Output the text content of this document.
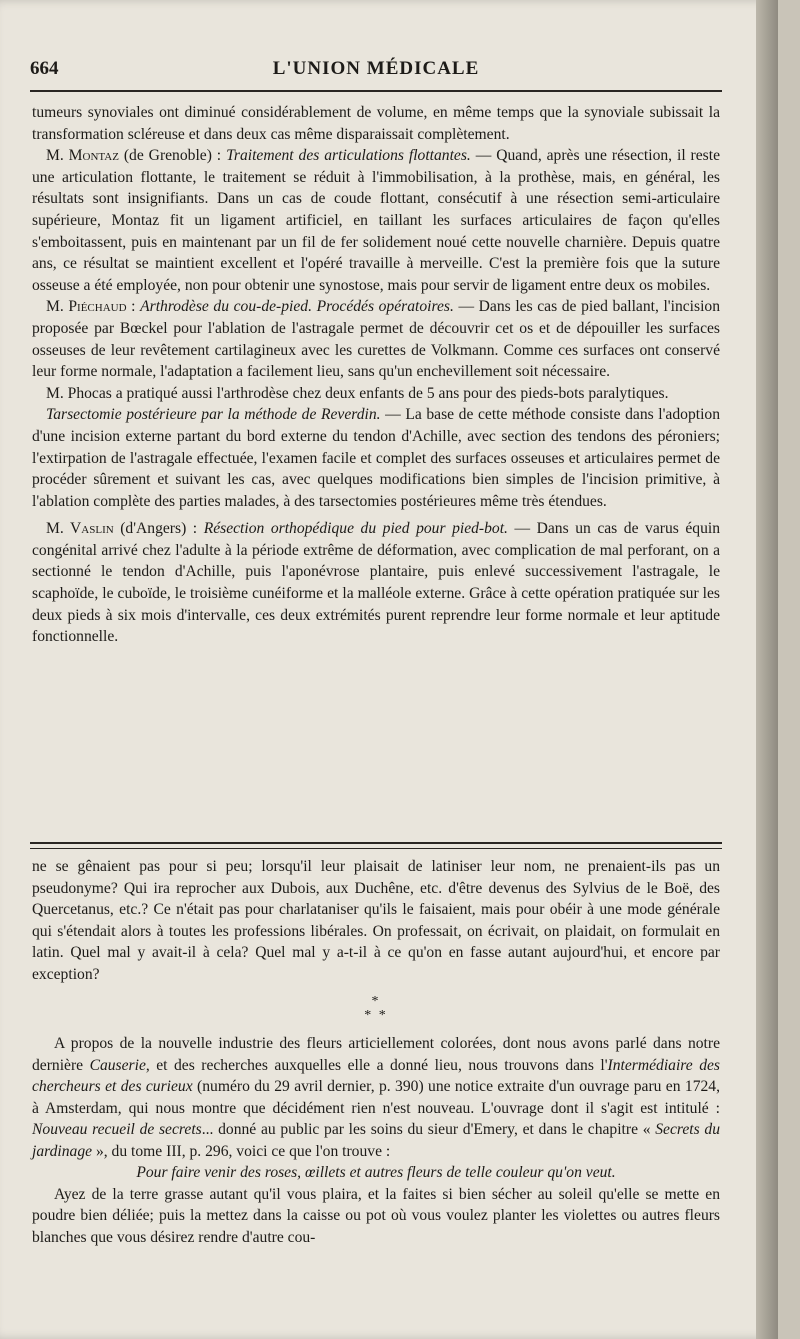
664	L'UNION MÉDICALE

tumeurs synoviales ont diminué considérablement de volume, en même temps que la synoviale subissait la transformation scléreuse et dans deux cas même disparaissait complètement.

M. Montaz (de Grenoble) : Traitement des articulations flottantes. — Quand, après une résection, il reste une articulation flottante, le traitement se réduit à l'immobilisation, à la prothèse, mais, en général, les résultats sont insignifiants. Dans un cas de coude flottant, consécutif à une résection semi-articulaire supérieure, Montaz fit un ligament artificiel, en taillant les surfaces articulaires de façon qu'elles s'emboitassent, puis en maintenant par un fil de fer solidement noué cette nouvelle charnière. Depuis quatre ans, ce résultat se maintient excellent et l'opéré travaille à merveille. C'est la première fois que la suture osseuse a été employée, non pour obtenir une synostose, mais pour servir de ligament entre deux os mobiles.

M. Piéchaud : Arthrodèse du cou-de-pied. Procédés opératoires. — Dans les cas de pied ballant, l'incision proposée par Bœckel pour l'ablation de l'astragale permet de découvrir cet os et de dépouiller les surfaces osseuses de leur revêtement cartilagineux avec les curettes de Volkmann. Comme ces surfaces ont conservé leur forme normale, l'adaptation a facilement lieu, sans qu'un enchevillement soit nécessaire.

M. Phocas a pratiqué aussi l'arthrodèse chez deux enfants de 5 ans pour des pieds-bots paralytiques.

Tarsectomie postérieure par la méthode de Reverdin. — La base de cette méthode consiste dans l'adoption d'une incision externe partant du bord externe du tendon d'Achille, avec section des tendons des péroniers; l'extirpation de l'astragale effectuée, l'examen facile et complet des surfaces osseuses et articulaires permet de procéder sûrement et suivant les cas, avec quelques modifications bien simples de l'incision primitive, à l'ablation complète des parties malades, à des tarsectomies postérieures même très étendues.

M. Vaslin (d'Angers) : Résection orthopédique du pied pour pied-bot. — Dans un cas de varus équin congénital arrivé chez l'adulte à la période extrême de déformation, avec complication de mal perforant, on a sectionné le tendon d'Achille, puis l'aponévrose plantaire, puis enlevé successivement l'astragale, le scaphoïde, le cuboïde, le troisième cunéiforme et la malléole externe. Grâce à cette opération pratiquée sur les deux pieds à six mois d'intervalle, ces deux extrémités purent reprendre leur forme normale et leur aptitude fonctionnelle.

ne se gênaient pas pour si peu; lorsqu'il leur plaisait de latiniser leur nom, ne prenaient-ils pas un pseudonyme? Qui ira reprocher aux Dubois, aux Duchêne, etc. d'être devenus des Sylvius de le Boë, des Quercetanus, etc.? Ce n'était pas pour charlataniser qu'ils le faisaient, mais pour obéir à une mode générale qui s'étendait alors à toutes les professions libérales. On professait, on écrivait, on plaidait, on formulait en latin. Quel mal y avait-il à cela? Quel mal y a-t-il à ce qu'on en fasse autant aujourd'hui, et encore par exception?

*
* *

A propos de la nouvelle industrie des fleurs articiellement colorées, dont nous avons parlé dans notre dernière Causerie, et des recherches auxquelles elle a donné lieu, nous trouvons dans l'Intermédiaire des chercheurs et des curieux (numéro du 29 avril dernier, p. 390) une notice extraite d'un ouvrage paru en 1724, à Amsterdam, qui nous montre que décidément rien n'est nouveau. L'ouvrage dont il s'agit est intitulé : Nouveau recueil de secrets... donné au public par les soins du sieur d'Emery, et dans le chapitre « Secrets du jardinage », du tome III, p. 296, voici ce que l'on trouve :

Pour faire venir des roses, œillets et autres fleurs de telle couleur qu'on veut.

Ayez de la terre grasse autant qu'il vous plaira, et la faites si bien sécher au soleil qu'elle se mette en poudre bien déliée; puis la mettez dans la caisse ou pot où vous voulez planter les violettes ou autres fleurs blanches que vous désirez rendre d'autre cou-
